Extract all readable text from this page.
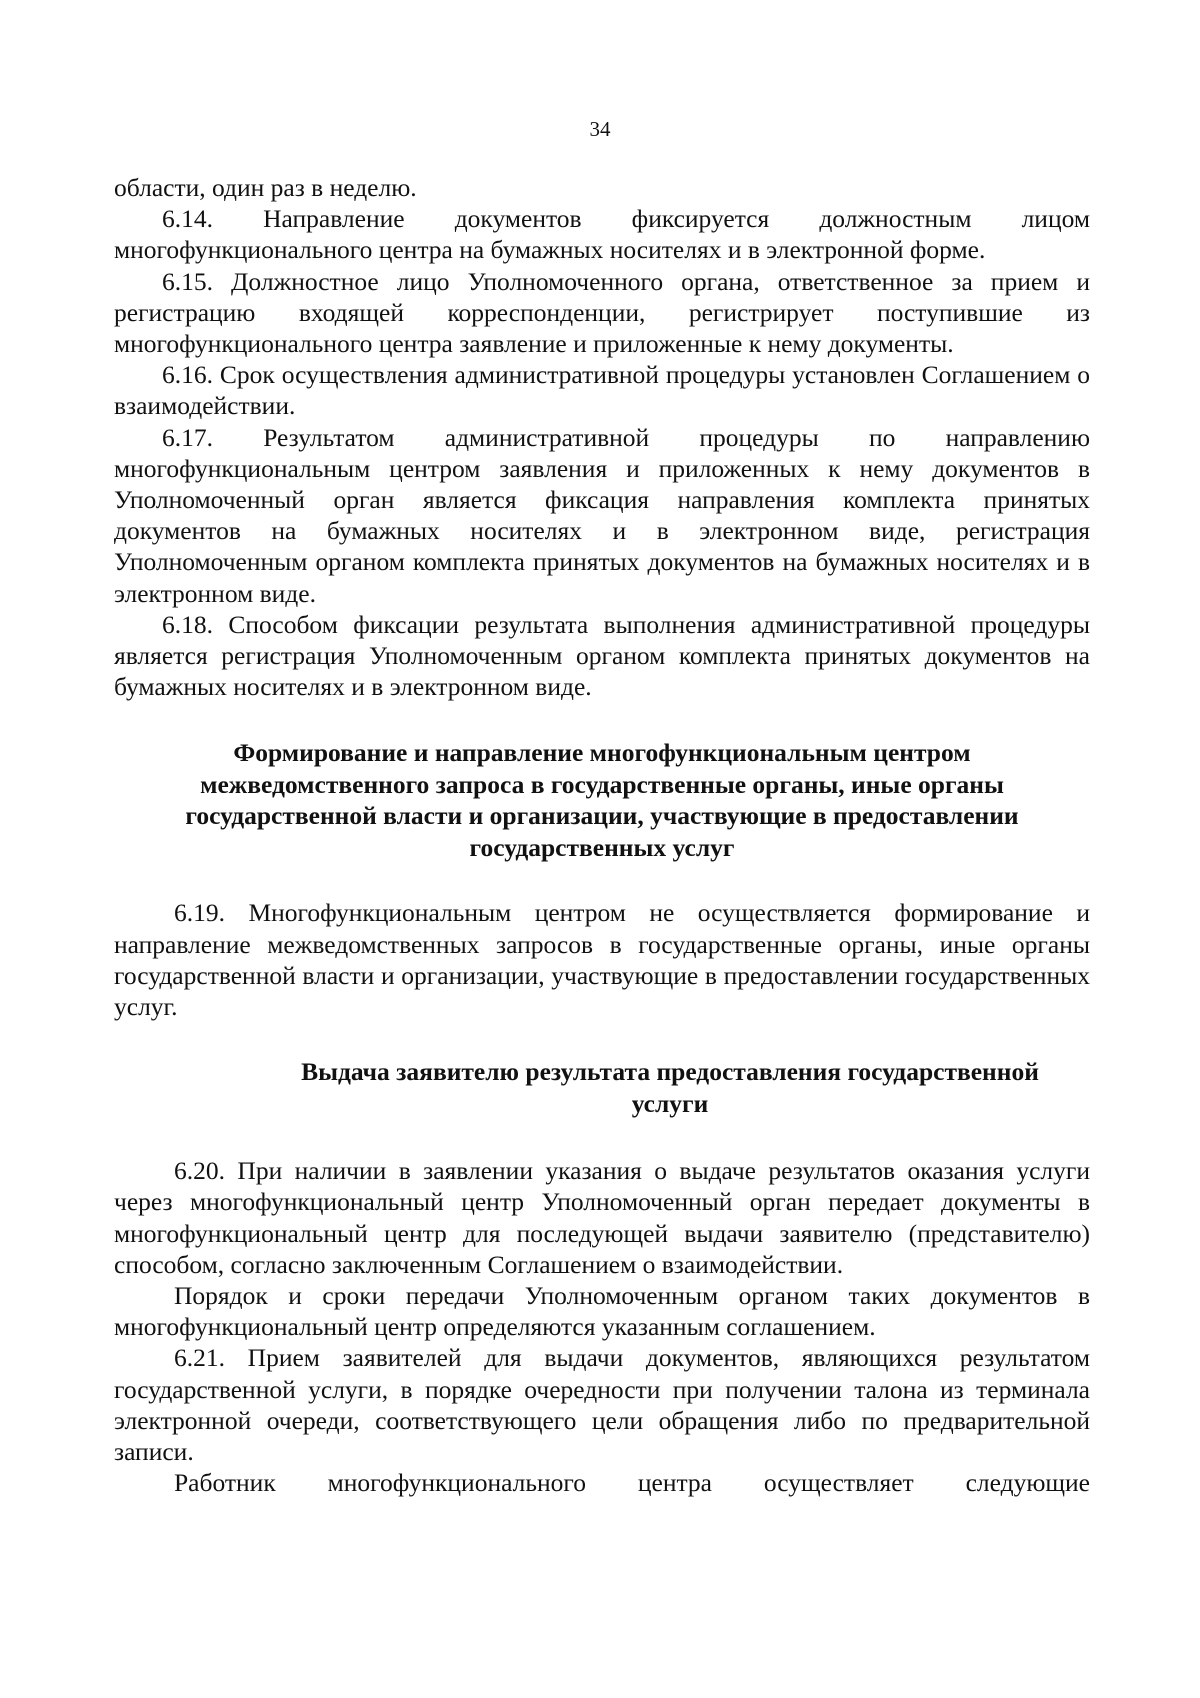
34

области, один раз в неделю.

6.14. Направление документов фиксируется должностным лицом многофункционального центра на бумажных носителях и в электронной форме.

6.15. Должностное лицо Уполномоченного органа, ответственное за прием и регистрацию входящей корреспонденции, регистрирует поступившие из многофункционального центра заявление и приложенные к нему документы.

6.16. Срок осуществления административной процедуры установлен Соглашением о взаимодействии.

6.17. Результатом административной процедуры по направлению многофункциональным центром заявления и приложенных к нему документов в Уполномоченный орган является фиксация направления комплекта принятых документов на бумажных носителях и в электронном виде, регистрация Уполномоченным органом комплекта принятых документов на бумажных носителях и в электронном виде.

6.18. Способом фиксации результата выполнения административной процедуры является регистрация Уполномоченным органом комплекта принятых документов на бумажных носителях и в электронном виде.

Формирование и направление многофункциональным центром
межведомственного запроса в государственные органы, иные органы
государственной власти и организации, участвующие в предоставлении
государственных услуг

6.19. Многофункциональным центром не осуществляется формирование и направление межведомственных запросов в государственные органы, иные органы государственной власти и организации, участвующие в предоставлении государственных услуг.

Выдача заявителю результата предоставления государственной
услуги

6.20. При наличии в заявлении указания о выдаче результатов оказания услуги через многофункциональный центр Уполномоченный орган передает документы в многофункциональный центр для последующей выдачи заявителю (представителю) способом, согласно заключенным Соглашением о взаимодействии.

Порядок и сроки передачи Уполномоченным органом таких документов в многофункциональный центр определяются указанным соглашением.

6.21. Прием заявителей для выдачи документов, являющихся результатом государственной услуги, в порядке очередности при получении талона из терминала электронной очереди, соответствующего цели обращения либо по предварительной записи.

Работник многофункционального центра осуществляет следующие
